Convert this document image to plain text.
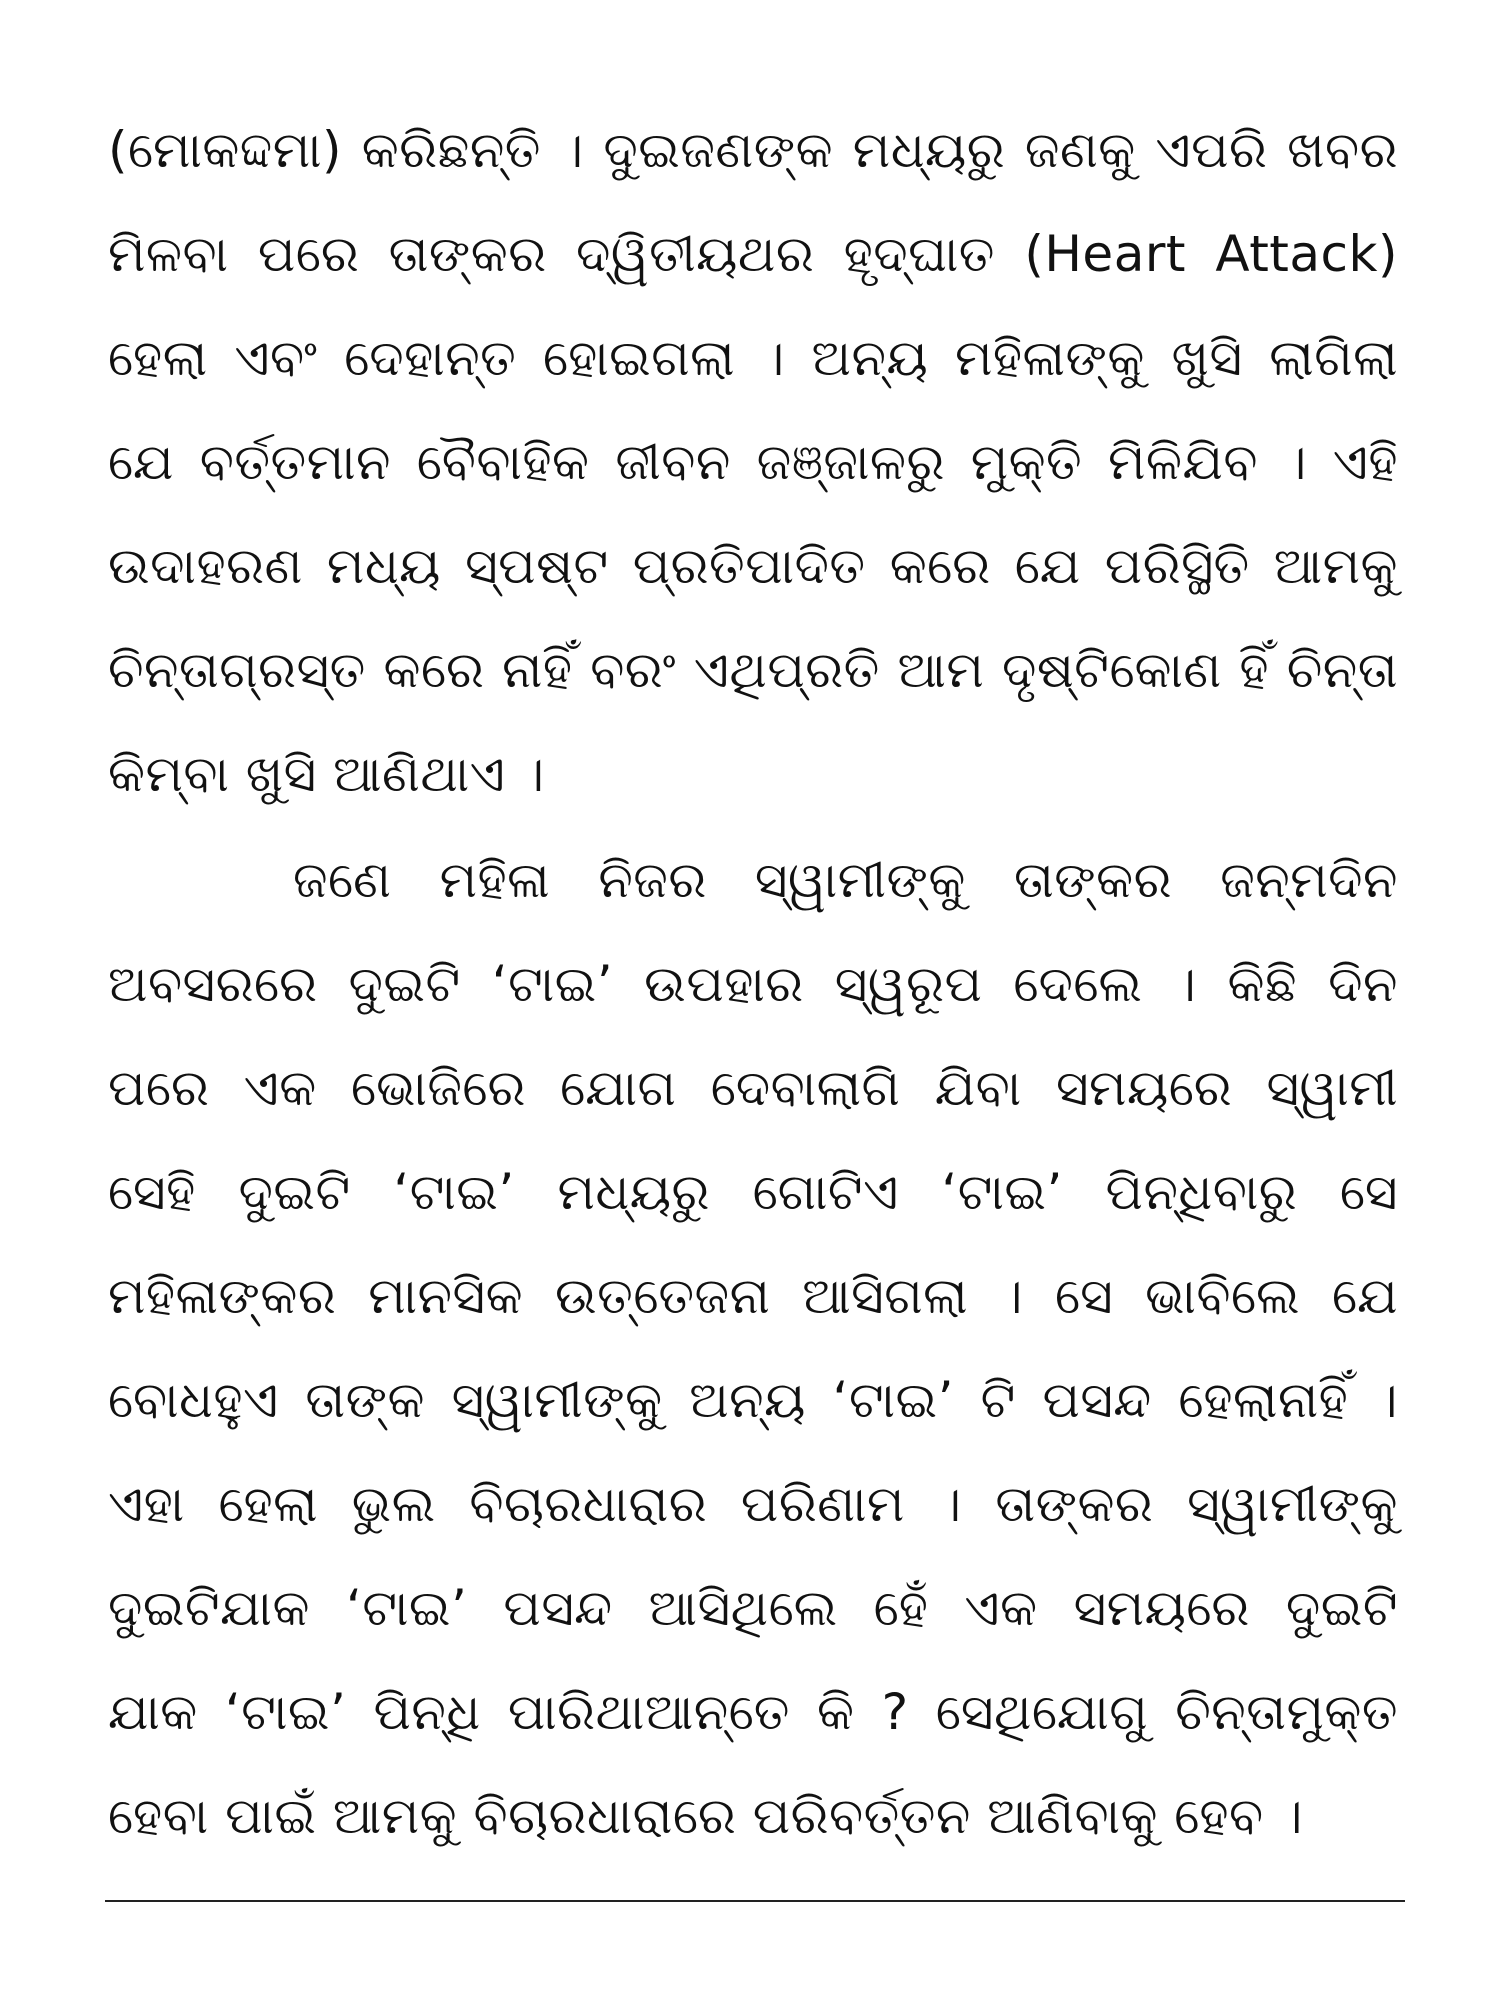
(ମୋକଦ୍ଦମା) କରିଛନ୍ତି । ଦୁଇଜଣଙ୍କ ମଧ୍ୟରୁ ଜଣକୁ ଏପରି ଖବର
ମିଳବା ପରେ ତାଙ୍କର ଦ୍ୱିତୀୟଥର ହୃଦ୍‌ଘାତ (Heart Attack)
ହେଲା ଏବଂ ଦେହାନ୍ତ ହୋଇଗଲା । ଅନ୍ୟ ମହିଳାଙ୍କୁ ଖୁସି ଲାଗିଲା
ଯେ ବର୍ତ୍ତମାନ ବୈବାହିକ ଜୀବନ ଜଞ୍ଜାଳରୁ ମୁକ୍ତି ମିଳିଯିବ । ଏହି
ଉଦାହରଣ ମଧ୍ୟ ସ୍ପଷ୍ଟ ପ୍ରତିପାଦିତ କରେ ଯେ ପରିସ୍ଥିତି ଆମକୁ
ଚିନ୍ତାଗ୍ରସ୍ତ କରେ ନାହିଁ ବରଂ ଏଥିପ୍ରତି ଆମ ଦୃଷ୍ଟିକୋଣ ହିଁ ଚିନ୍ତା
କିମ୍ବା ଖୁସି ଆଣିଥାଏ ।
ଜଣେ ମହିଳା ନିଜର ସ୍ୱାମୀଙ୍କୁ ତାଙ୍କର ଜନ୍ମଦିନ
ଅବସରରେ ଦୁଇଟି ‘ଟାଇ’ ଉପହାର ସ୍ୱରୂପ ଦେଲେ । କିଛି ଦିନ
ପରେ ଏକ ଭୋଜିରେ ଯୋଗ ଦେବାଲାଗି ଯିବା ସମୟରେ ସ୍ୱାମୀ
ସେହି ଦୁଇଟି ‘ଟାଇ’ ମଧ୍ୟରୁ ଗୋଟିଏ ‘ଟାଇ’ ପିନ୍ଧିବାରୁ ସେ
ମହିଳାଙ୍କର ମାନସିକ ଉତ୍ତେଜନା ଆସିଗଲା । ସେ ଭାବିଲେ ଯେ
ବୋଧହୁଏ ତାଙ୍କ ସ୍ୱାମୀଙ୍କୁ ଅନ୍ୟ ‘ଟାଇ’ ଟି ପସନ୍ଦ ହେଲାନାହିଁ ।
ଏହା ହେଲା ଭୁଲ ବିଚାରଧାରାର ପରିଣାମ । ତାଙ୍କର ସ୍ୱାମୀଙ୍କୁ
ଦୁଇଟିଯାକ ‘ଟାଇ’ ପସନ୍ଦ ଆସିଥିଲେ ହେଁ ଏକ ସମୟରେ ଦୁଇଟି
ଯାକ ‘ଟାଇ’ ପିନ୍ଧି ପାରିଥାଆନ୍ତେ କି ? ସେଥିଯୋଗୁ ଚିନ୍ତାମୁକ୍ତ
ହେବା ପାଇଁ ଆମକୁ ବିଚାରଧାରାରେ ପରିବର୍ତ୍ତନ ଆଣିବାକୁ ହେବ ।
